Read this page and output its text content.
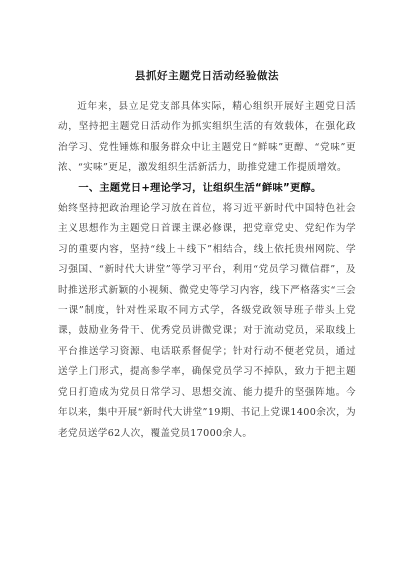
县抓好主题党日活动经验做法

近年来，县立足党支部具体实际，精心组织开展好主题党日活动，坚持把主题党日活动作为抓实组织生活的有效载体，在强化政治学习、党性锤炼和服务群众中让主题党日“鲜味”更醇、“党味”更浓、“实味”更足，激发组织生活新活力，助推党建工作提质增效。

一、主题党日+理论学习，让组织生活“鲜味”更醇。

始终坚持把政治理论学习放在首位，将习近平新时代中国特色社会主义思想作为主题党日首课主课必修课，把党章党史、党纪作为学习的重要内容，坚持“线上＋线下”相结合，线上依托贵州网院、学习强国、“新时代大讲堂”等学习平台，利用“党员学习微信群”，及时推送形式新颖的小视频、微党史等学习内容，线下严格落实“三会一课”制度，针对性采取不同方式学，各级党政领导班子带头上党课，鼓励业务骨干、优秀党员讲微党课；对于流动党员，采取线上平台推送学习资源、电话联系督促学；针对行动不便老党员，通过送学上门形式，提高参学率，确保党员学习不掉队，致力于把主题党日打造成为党员日常学习、思想交流、能力提升的坚强阵地。今年以来，集中开展“新时代大讲堂”19期、书记上党课1400余次，为老党员送学62人次，覆盖党员17000余人。
